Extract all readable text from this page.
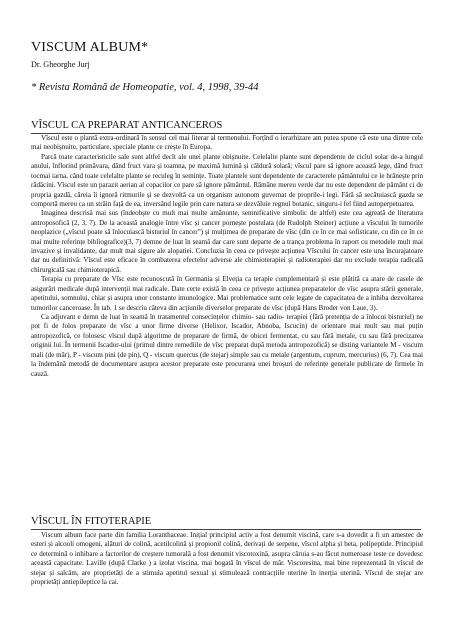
VISCUM ALBUM*
Dr. Gheorghe Jurj
* Revista Română de Homeopatie, vol. 4, 1998, 39-44
VÎSCUL CA PREPARAT ANTICANCEROS

Vîscul este o plantă extra-ordinară în sensul cel mai literar al termenului. Forțînd o ierarhizare am putea spune că este una dintre cele mai neobișnuite, particulare, speciale plante ce crește în Europa.

Parcă toate caracteristicile sale sunt altfel decît ale unei plante obișnuite. Celelalte plante sunt dependente de ciclul solar de-a lungul anului, înflorind primăvara, dând fruct vara și toamna, pe maximă lumină și căldură solară; vîscul pare să ignore această lege, dând fruct tocmai iarna, când toate celelalte plante se reculeg în semințe. Toate plantele sunt dependente de caracterele pământului ce le hrănește prin rădăcini. Vîscul este un parazit aerian al copacilor ce pare să ignore pământul. Rămâne mereu verde dar nu este dependent de pământ ci de propria gazdă, căreia îi ignoră ritmurile și se dezvoltă ca un organism autonom guvernat de proprile-i legi. Fără să secătuiască gazda se comportă mereu ca un străin față de ea, inversând legile prin care natura se dezvăluie regnul botanic, singuru-i fel fiind autoperpetuarea.

Imaginea descrisă mai sus (îndeobște cu mult mai multe amănunte, semnificative simbolic de altfel) este cea agreată de literatura antroposofică (2, 3, 7). De la această analogie între vîsc și cancer pornește postulata (de Rudolph Steiner) acțiune a vîscului în tumorile neoplazice („vîscul poate să înlocuiască bisturiul în cancer”) și mulțimea de preparate de vîsc (din ce în ce mai sofisticate, cu din ce în ce mai multe referințe bibliografice)(3, 7) demne de luat în seamă dar care sunt departe de a trança problema în raport cu metodele mult mai invazive și invalidante, dar mult mai sigure ale alopatiei. Concluzia în ceea ce privește acțiunea Vîscului în cancer este una încurajatoare dar nu definitivă: Vîscul este eficace în combaterea efectelor adverse ale chimioterapiei și radioterapiei dar nu exclude terapia radicală chirurgicală sau chimioterapică.

Terapia cu preparate de Vîsc este recunoscută în Germania și Elveția ca terapie complementară și este plătită ca atare de casele de asigurări medicale după intervenții mai radicale. Date certe există în ceea ce privește acțiunea preparatelor de vîsc asupra stării generale, apetitului, somnului, chiar și asupra unor constante imunologice. Mai problematice sunt cele legate de capacitatea de a inhiba dezvoltarea tumorilor canceroase. În tab. 1 se descriu câteva din acțiunile diverselor preparate de vîsc (după Hans Broder von Laue, 3).

Ca adjuvant e demn de luat în seamă în tratamentul consecințelor chimio- sau radio- terapiei (fără pretenția de a înlocui bisturiul) ne pot fi de folos preparate de vîsc a unor firme diverse (Helixor, Iscador, Abnoba, Iscucin) de orientare mai mult sau mai puțin antropozofică, ce folosesc vîscul după algoritme de preparare de firmă, de obicei fermentat, cu sau fără metale, cu sau fără precizarea originii lui. În termenii Iscador-ului (primul dintre remediile de vîsc preparat după metoda antropozofică) se disting variantele M - viscum mali (de măr), P - viscum pini (de pin), Q - viscum quercus (de stejar) simple sau cu metale (argentum, cuprum, mercurius) (6, 7). Cea mai la îndemână metodă de documentare asupra acestor preparate este procurarea unei broșuri de referințe generale publicate de firmele în cauză.

VÎSCUL ÎN FITOTERAPIE

Viscum album face parte din familia Loranthaceae. Inițial principiul activ a fost denumit viscină, care s-a dovedit a fi un amestec de esteri și alcooli omogeni, alături de colină, acetilcolină și propionil colină, derivați de serpene, vîscol alpha și beta, polipeptide. Principiul ce determină o inhibare a factorilor de creștere tumorală a fost denumit viscotoxină, asupra căruia s-au făcut numeroase teste ce dovedesc această capacitate. Laville (după Clarke ) a izolat viscina, mai bogată în vîscul de măr. Viscoresina, mai bine reprezentată în vîscul de stejar și salcâm, are proprietăți de a stimula apetitul sexual și stimulează contracțiile uterine în inerția uterină. Vîscul de stejar are proprietăți antiepileptice la cai.
